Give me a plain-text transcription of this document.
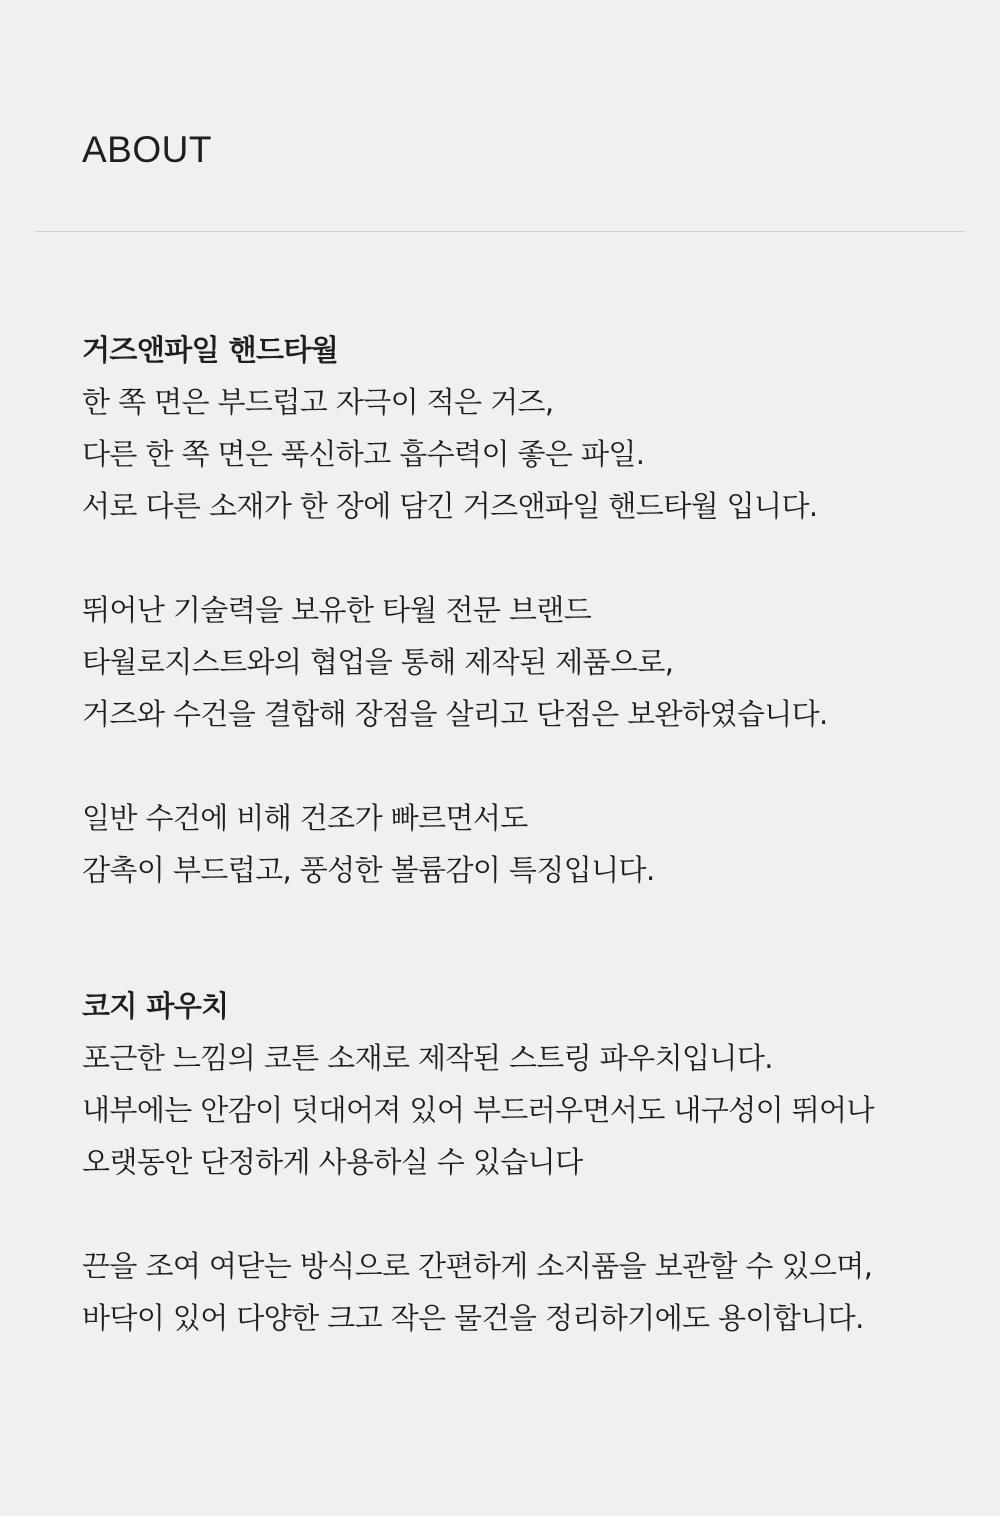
ABOUT
거즈앤파일 핸드타월
한 쪽 면은 부드럽고 자극이 적은 거즈,
다른 한 쪽 면은 푹신하고 흡수력이 좋은 파일.
서로 다른 소재가 한 장에 담긴 거즈앤파일 핸드타월 입니다.
뛰어난 기술력을 보유한 타월 전문 브랜드
타월로지스트와의 협업을 통해 제작된 제품으로,
거즈와 수건을 결합해 장점을 살리고 단점은 보완하였습니다.
일반 수건에 비해 건조가 빠르면서도
감촉이 부드럽고, 풍성한 볼륨감이 특징입니다.
코지 파우치
포근한 느낌의 코튼 소재로 제작된 스트링 파우치입니다.
내부에는 안감이 덧대어져 있어 부드러우면서도 내구성이 뛰어나
오랫동안 단정하게 사용하실 수 있습니다
끈을 조여 여닫는 방식으로 간편하게 소지품을 보관할 수 있으며,
바닥이 있어 다양한 크고 작은 물건을 정리하기에도 용이합니다.
